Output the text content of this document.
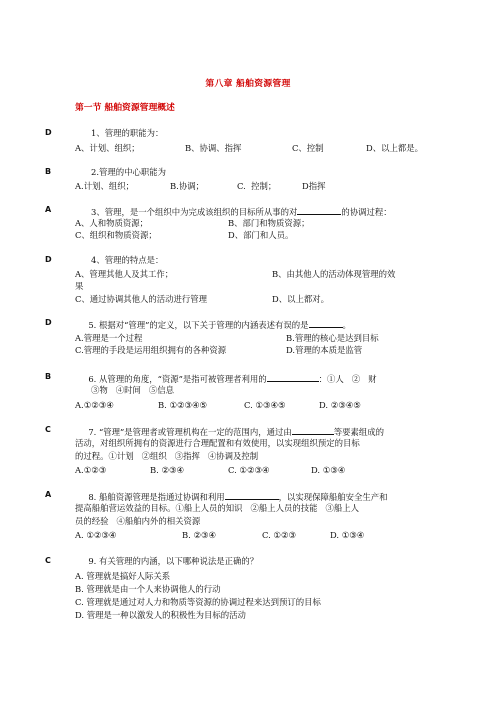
第八章 船舶资源管理
第一节 船舶资源管理概述
D	1、管理的职能为：
A、计划、组织；	B、协调、指挥	C、控制	D、以上都是。
B	2.管理的中心职能为
A.计划、组织；	B.协调；	C.  控制；	D指挥
A	3、管理，是一个组织中为完成该组织的目标所从事的对	的协调过程：
A、人和物质资源；	B、部门和物质资源；
C、组织和物质资源；	D、部门和人员。
D	4、管理的特点是：
A、管理其他人及其工作；	B、由其他人的活动体现管理的效
果
C、通过协调其他人的活动进行管理	D、以上都对。
D	5. 根据对“管理”的定义，以下关于管理的内涵表述有误的是	。
A.管理是一个过程	B.管理的核心是达到目标
C.管理的手段是运用组织拥有的各种资源	D.管理的本质是监管
B	6. 从管理的角度，“资源”是指可被管理者利用的	：①人   ②   财
③物   ④时间   ⑤信息
A.①②③④	B. ①②③④⑤	C. ①③④⑤	D. ②③④⑤
C	7. “管理”是管理者或管理机构在一定的范围内，通过由	等要素组成的
活动，对组织所拥有的资源进行合理配置和有效使用，以实现组织预定的目标
的过程。①计划   ②组织   ③指挥   ④协调及控制
A.①②③	B. ②③④	C. ①②③④	D. ①③④
A	8. 船舶资源管理是指通过协调和利用	，以实现保障船舶安全生产和
提高船舶营运效益的目标。①船上人员的知识   ②船上人员的技能   ③船上人
员的经验   ④船舶内外的相关资源
A. ①②③④	B. ②③④	C. ①②③	D. ①③④
C	9. 有关管理的内涵，以下哪种说法是正确的？
A. 管理就是搞好人际关系
B. 管理就是由一个人来协调他人的行动
C. 管理就是通过对人力和物质等资源的协调过程来达到预订的目标
D. 管理是一种以激发人的积极性为目标的活动
